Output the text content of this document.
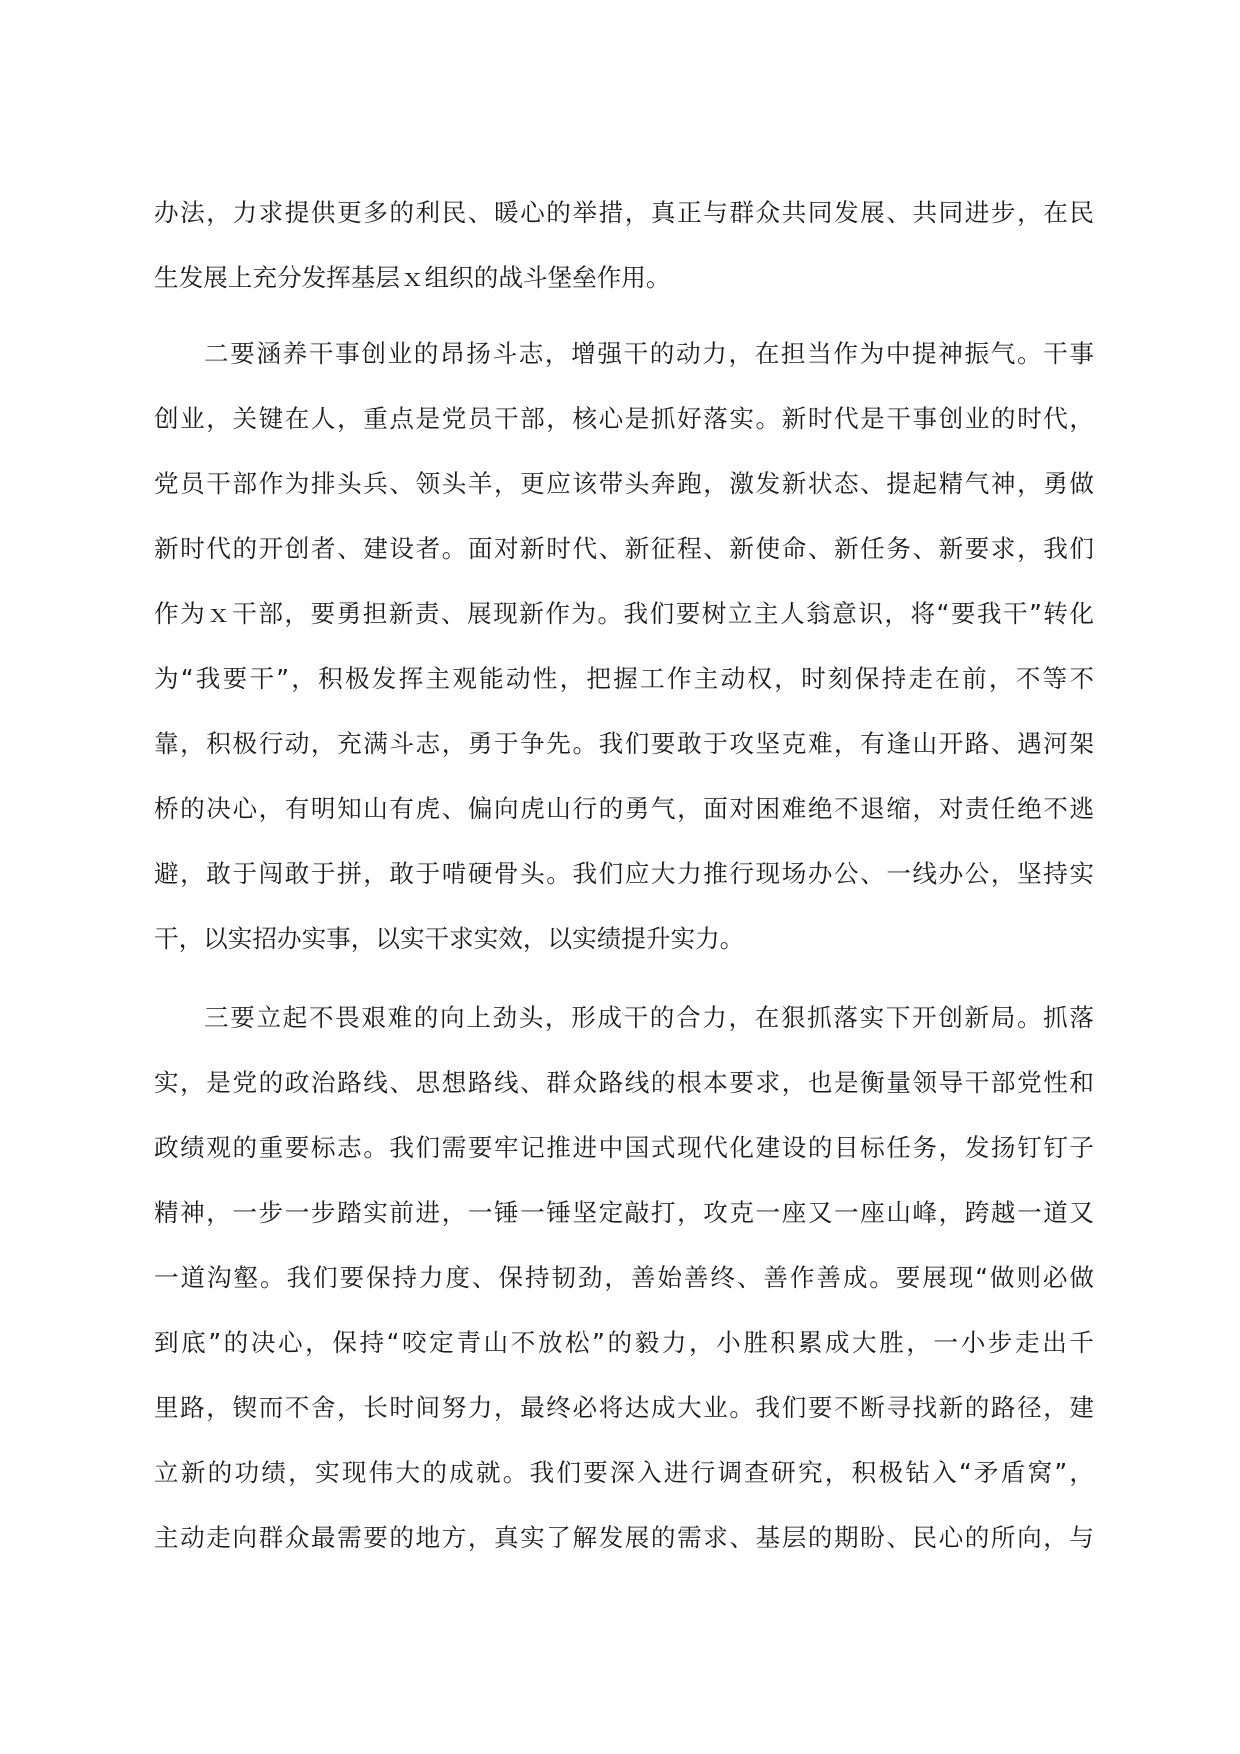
办法，力求提供更多的利民、暖心的举措，真正与群众共同发展、共同进步，在民
生发展上充分发挥基层ｘ组织的战斗堡垒作用。
二要涵养干事创业的昂扬斗志，增强干的动力，在担当作为中提神振气。干事
创业，关键在人，重点是党员干部，核心是抓好落实。新时代是干事创业的时代，
党员干部作为排头兵、领头羊，更应该带头奔跑，激发新状态、提起精气神，勇做
新时代的开创者、建设者。面对新时代、新征程、新使命、新任务、新要求，我们
作为ｘ干部，要勇担新责、展现新作为。我们要树立主人翁意识，将“要我干”转化
为“我要干”，积极发挥主观能动性，把握工作主动权，时刻保持走在前，不等不
靠，积极行动，充满斗志，勇于争先。我们要敢于攻坚克难，有逢山开路、遇河架
桥的决心，有明知山有虎、偏向虎山行的勇气，面对困难绝不退缩，对责任绝不逃
避，敢于闯敢于拼，敢于啃硬骨头。我们应大力推行现场办公、一线办公，坚持实
干，以实招办实事，以实干求实效，以实绩提升实力。
三要立起不畏艰难的向上劲头，形成干的合力，在狠抓落实下开创新局。抓落
实，是党的政治路线、思想路线、群众路线的根本要求，也是衡量领导干部党性和
政绩观的重要标志。我们需要牢记推进中国式现代化建设的目标任务，发扬钉钉子
精神，一步一步踏实前进，一锤一锤坚定敲打，攻克一座又一座山峰，跨越一道又
一道沟壑。我们要保持力度、保持韧劲，善始善终、善作善成。要展现“做则必做
到底”的决心，保持“咬定青山不放松”的毅力，小胜积累成大胜，一小步走出千
里路，锲而不舍，长时间努力，最终必将达成大业。我们要不断寻找新的路径，建
立新的功绩，实现伟大的成就。我们要深入进行调查研究，积极钻入“矛盾窝”，
主动走向群众最需要的地方，真实了解发展的需求、基层的期盼、民心的所向，与
